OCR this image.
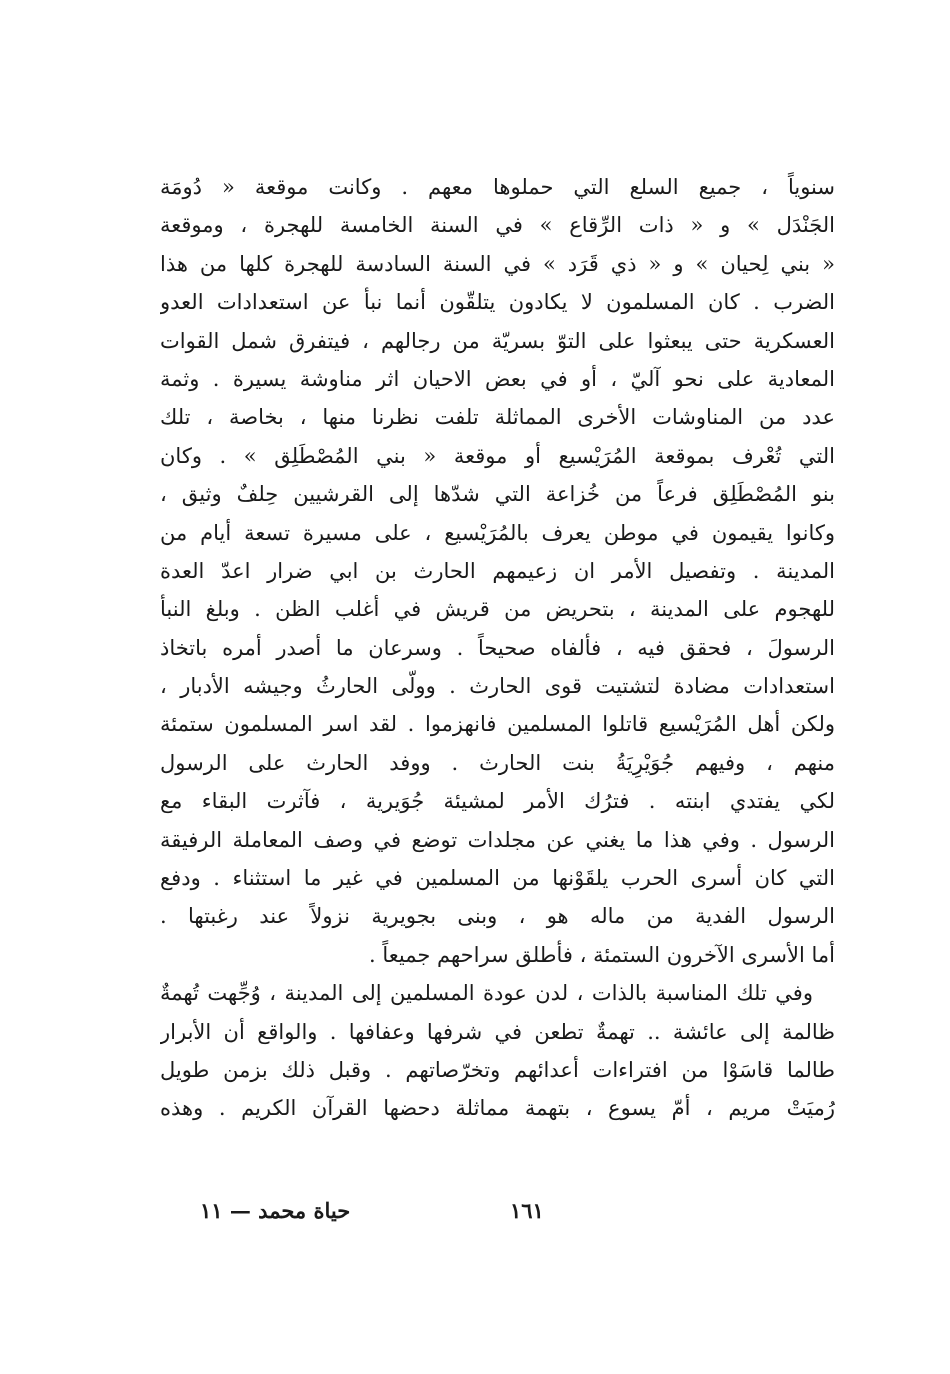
سنوياً ، جميع السلع التي حملوها معهم . وكانت موقعة « دُومَة
الجَنْدَل » و « ذات الرِّقاع » في السنة الخامسة للهجرة ، وموقعة
« بني لِحيان » و « ذي قَرَد » في السنة السادسة للهجرة كلها من هذا
الضرب . كان المسلمون لا يكادون يتلقّون أنما نبأ عن استعدادات العدو
العسكرية حتى يبعثوا على التوّ بسريّة من رجالهم ، فيتفرق شمل القوات
المعادية على نحو آليّ ، أو في بعض الاحيان اثر مناوشة يسيرة . وثمة
عدد من المناوشات الأخرى المماثلة تلفت نظرنا منها ، بخاصة ، تلك
التي تُعْرف بموقعة المُرَيْسيع أو موقعة « بني المُصْطَلِق » . وكان
بنو المُصْطَلِق فرعاً من خُزاعة التي شدّها إلى القرشيين حِلفٌ وثيق ،
وكانوا يقيمون في موطن يعرف بالمُرَيْسيع ، على مسيرة تسعة أيام من
المدينة . وتفصيل الأمر ان زعيمهم الحارث بن ابي ضرار اعدّ العدة
للهجوم على المدينة ، بتحريض من قريش في أغلب الظن . وبلغ النبأ
الرسولَ ، فحقق فيه ، فألفاه صحيحاً . وسرعان ما أصدر أمره باتخاذ
استعدادات مضادة لتشتيت قوى الحارث . وولّى الحارثُ وجيشه الأدبار ،
ولكن أهل المُرَيْسيع قاتلوا المسلمين فانهزموا . لقد اسر المسلمون ستمئة
منهم ، وفيهم جُوَيْرِيَةُ بنت الحارث . ووفد الحارث على الرسول
لكي يفتدي ابنته . فترُك الأمر لمشيئة جُوَيرية ، فآثرت البقاء مع
الرسول . وفي هذا ما يغني عن مجلدات توضع في وصف المعاملة الرفيقة
التي كان أسرى الحرب يلقَوْنها من المسلمين في غير ما استثناء . ودفع
الرسول الفدية من ماله هو ، وبنى بجويرية نزولاً عند رغبتها .
أما الأسرى الآخرون الستمئة ، فأطلق سراحهم جميعاً .
وفي تلك المناسبة بالذات ، لدن عودة المسلمين إلى المدينة ، وُجِّهت تُهمةٌ
ظالمة إلى عائشة .. تهمةٌ تطعن في شرفها وعفافها . والواقع أن الأبرار
طالما قاسَوْا من افتراءات أعدائهم وتخرّصاتهم . وقبل ذلك بزمن طويل
رُميَتْ مريم ، أمّ يسوع ، بتهمة مماثلة دحضها القرآن الكريم . وهذه
حياة محمد — ١١	١٦١
